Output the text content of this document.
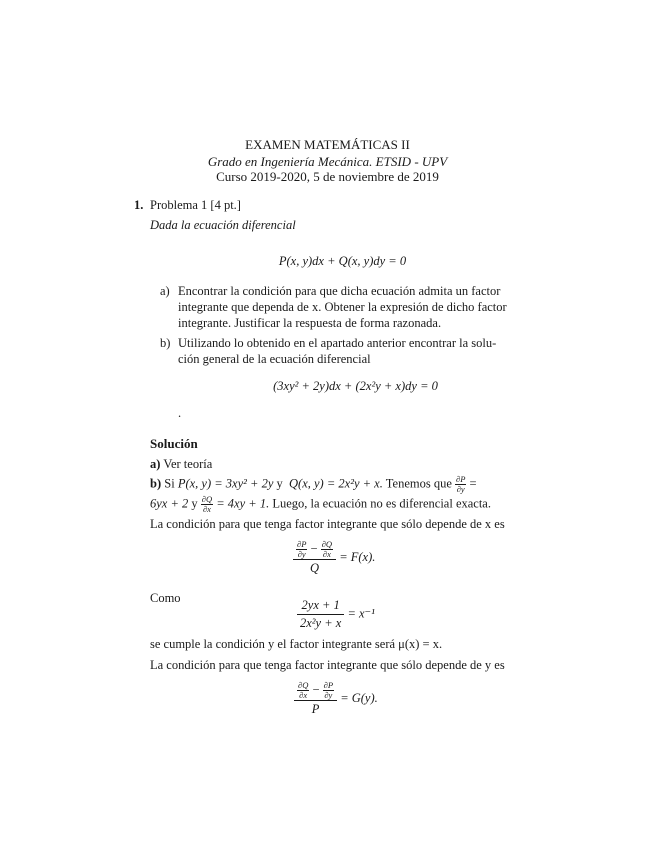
EXAMEN MATEMÁTICAS II
Grado en Ingeniería Mecánica. ETSID - UPV
Curso 2019-2020, 5 de noviembre de 2019
1. Problema 1 [4 pt.]
Dada la ecuación diferencial
P(x, y)dx + Q(x, y)dy = 0
a) Encontrar la condición para que dicha ecuación admita un factor
integrante que dependa de x. Obtener la expresión de dicho factor
integrante. Justificar la respuesta de forma razonada.
b) Utilizando lo obtenido en el apartado anterior encontrar la solu-
ción general de la ecuación diferencial
(3xy² + 2y)dx + (2x²y + x)dy = 0
.
Solución
a) Ver teoría
b) Si P(x, y) = 3xy² + 2y y Q(x, y) = 2x²y + x. Tenemos que $\frac{\partial P}{\partial y}$ =
6yx + 2 y $\frac{\partial Q}{\partial x} = 4xy + 1$. Luego, la ecuación no es diferencial exacta.
La condición para que tenga factor integrante que sólo depende de x es
$\frac{\frac{\partial P}{\partial y} - \frac{\partial Q}{\partial x}}{Q} = F(x)$.
Como	$\frac{2yx + 1}{\text{2x²y + x}} = x^{-1}$
se cumple la condición y el factor integrante será μ(x) = x.
La condición para que tenga factor integrante que sólo depende de y es
$\frac{\frac{\partial Q}{\partial x} - \frac{\partial P}{\partial y}}{P} = G(y)$.
